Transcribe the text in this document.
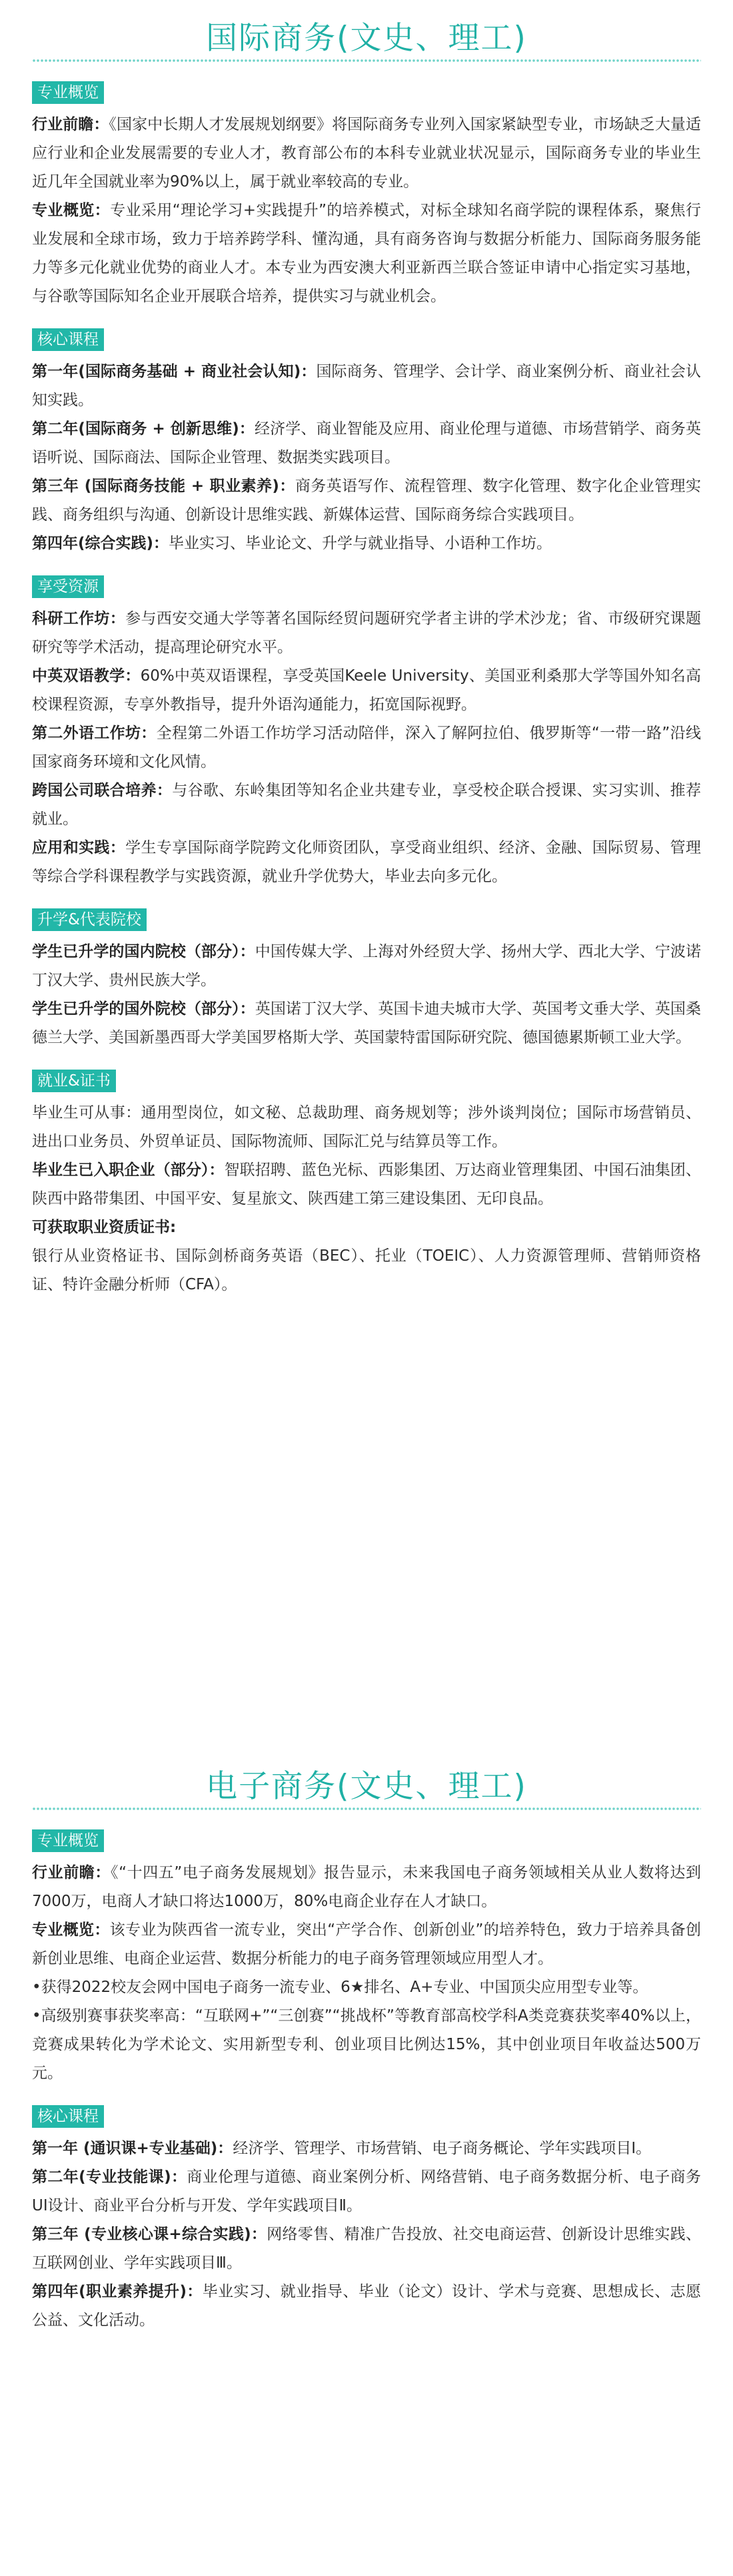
国际商务(文史、理工)
专业概览

行业前瞻：《国家中长期人才发展规划纲要》将国际商务专业列入国家紧缺型专业，市场缺乏大量适应行业和企业发展需要的专业人才，教育部公布的本科专业就业状况显示，国际商务专业的毕业生近几年全国就业率为90%以上，属于就业率较高的专业。

专业概览：专业采用“理论学习+实践提升”的培养模式，对标全球知名商学院的课程体系，聚焦行业发展和全球市场，致力于培养跨学科、懂沟通，具有商务咨询与数据分析能力、国际商务服务能力等多元化就业优势的商业人才。本专业为西安澳大利亚新西兰联合签证申请中心指定实习基地，与谷歌等国际知名企业开展联合培养，提供实习与就业机会。

核心课程

第一年(国际商务基础 + 商业社会认知)：国际商务、管理学、会计学、商业案例分析、商业社会认知实践。

第二年(国际商务 + 创新思维)：经济学、商业智能及应用、商业伦理与道德、市场营销学、商务英语听说、国际商法、国际企业管理、数据类实践项目。

第三年 (国际商务技能 + 职业素养)：商务英语写作、流程管理、数字化管理、数字化企业管理实践、商务组织与沟通、创新设计思维实践、新媒体运营、国际商务综合实践项目。

第四年(综合实践)：毕业实习、毕业论文、升学与就业指导、小语种工作坊。

享受资源

科研工作坊：参与西安交通大学等著名国际经贸问题研究学者主讲的学术沙龙；省、市级研究课题研究等学术活动，提高理论研究水平。

中英双语教学：60%中英双语课程，享受英国Keele University、美国亚利桑那大学等国外知名高校课程资源，专享外教指导，提升外语沟通能力，拓宽国际视野。

第二外语工作坊：全程第二外语工作坊学习活动陪伴，深入了解阿拉伯、俄罗斯等“一带一路”沿线国家商务环境和文化风情。

跨国公司联合培养：与谷歌、东岭集团等知名企业共建专业，享受校企联合授课、实习实训、推荐就业。

应用和实践：学生专享国际商学院跨文化师资团队，享受商业组织、经济、金融、国际贸易、管理等综合学科课程教学与实践资源，就业升学优势大，毕业去向多元化。

升学&代表院校

学生已升学的国内院校（部分）：中国传媒大学、上海对外经贸大学、扬州大学、西北大学、宁波诺丁汉大学、贵州民族大学。

学生已升学的国外院校（部分）：英国诺丁汉大学、英国卡迪夫城市大学、英国考文垂大学、英国桑德兰大学、美国新墨西哥大学美国罗格斯大学、英国蒙特雷国际研究院、德国德累斯顿工业大学。

就业&证书

毕业生可从事：通用型岗位，如文秘、总裁助理、商务规划等；涉外谈判岗位；国际市场营销员、进出口业务员、外贸单证员、国际物流师、国际汇兑与结算员等工作。

毕业生已入职企业（部分）：智联招聘、蓝色光标、西影集团、万达商业管理集团、中国石油集团、陕西中路带集团、中国平安、复星旅文、陕西建工第三建设集团、无印良品。

可获取职业资质证书:

银行从业资格证书、国际剑桥商务英语（BEC）、托业（TOEIC）、人力资源管理师、营销师资格证、特许金融分析师（CFA）。

电子商务(文史、理工)
专业概览

行业前瞻：《“十四五”电子商务发展规划》报告显示，未来我国电子商务领域相关从业人数将达到7000万，电商人才缺口将达1000万，80%电商企业存在人才缺口。

专业概览：该专业为陕西省一流专业，突出“产学合作、创新创业”的培养特色，致力于培养具备创新创业思维、电商企业运营、数据分析能力的电子商务管理领域应用型人才。

•获得2022校友会网中国电子商务一流专业、6★排名、A+专业、中国顶尖应用型专业等。

•高级别赛事获奖率高：“互联网+”“三创赛”“挑战杯”等教育部高校学科A类竞赛获奖率40%以上，竞赛成果转化为学术论文、实用新型专利、创业项目比例达15%，其中创业项目年收益达500万元。

核心课程

第一年 (通识课+专业基础)：经济学、管理学、市场营销、电子商务概论、学年实践项目Ⅰ。

第二年(专业技能课)：商业伦理与道德、商业案例分析、网络营销、电子商务数据分析、电子商务UI设计、商业平台分析与开发、学年实践项目Ⅱ。

第三年 (专业核心课+综合实践)：网络零售、精准广告投放、社交电商运营、创新设计思维实践、互联网创业、学年实践项目Ⅲ。

第四年(职业素养提升)：毕业实习、就业指导、毕业（论文）设计、学术与竞赛、思想成长、志愿公益、文化活动。
